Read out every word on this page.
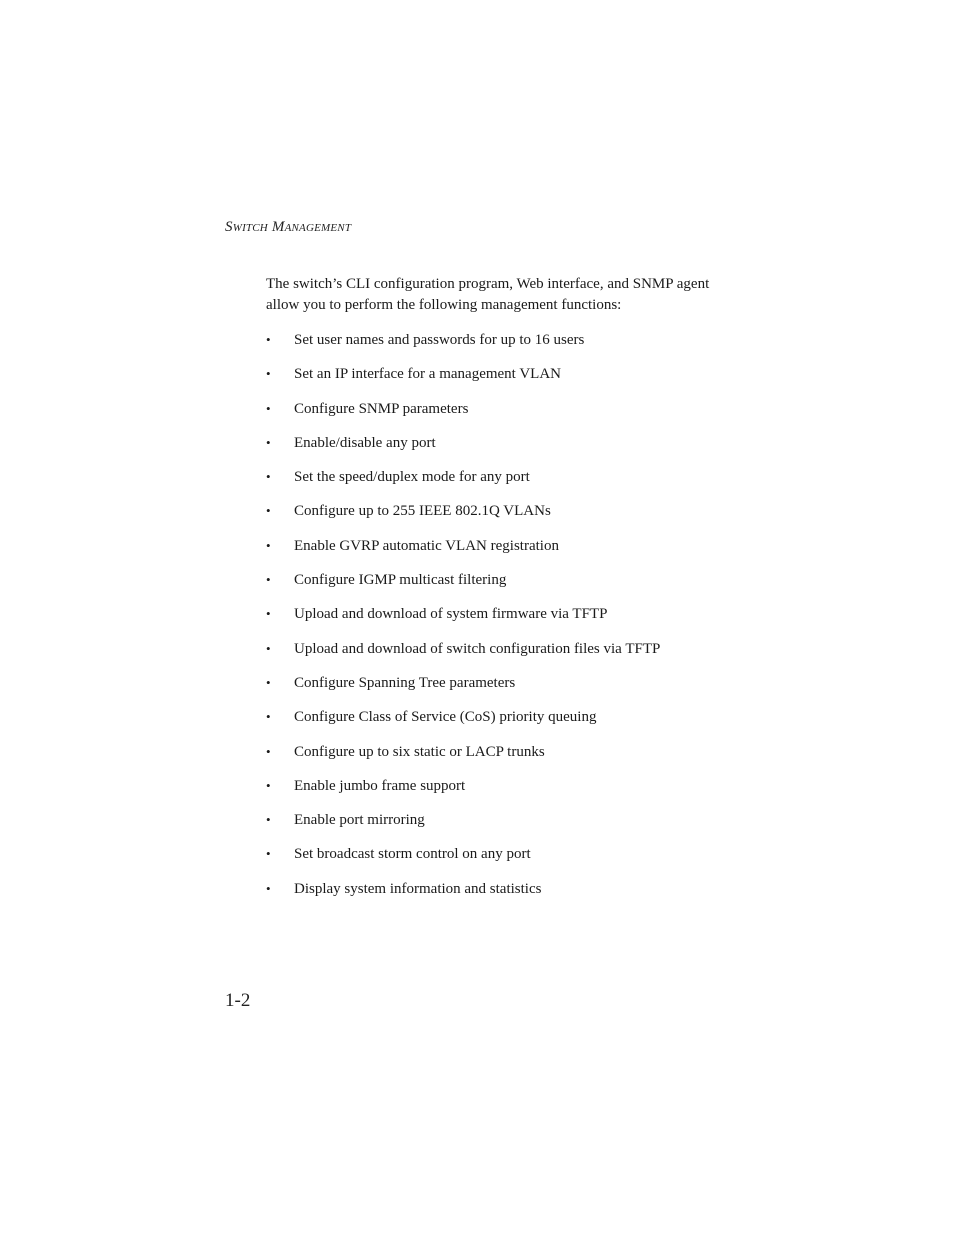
Switch Management

The switch’s CLI configuration program, Web interface, and SNMP agent allow you to perform the following management functions:

•	Set user names and passwords for up to 16 users
•	Set an IP interface for a management VLAN
•	Configure SNMP parameters
•	Enable/disable any port
•	Set the speed/duplex mode for any port
•	Configure up to 255 IEEE 802.1Q VLANs
•	Enable GVRP automatic VLAN registration
•	Configure IGMP multicast filtering
•	Upload and download of system firmware via TFTP
•	Upload and download of switch configuration files via TFTP
•	Configure Spanning Tree parameters
•	Configure Class of Service (CoS) priority queuing
•	Configure up to six static or LACP trunks
•	Enable jumbo frame support
•	Enable port mirroring
•	Set broadcast storm control on any port
•	Display system information and statistics
1-2
